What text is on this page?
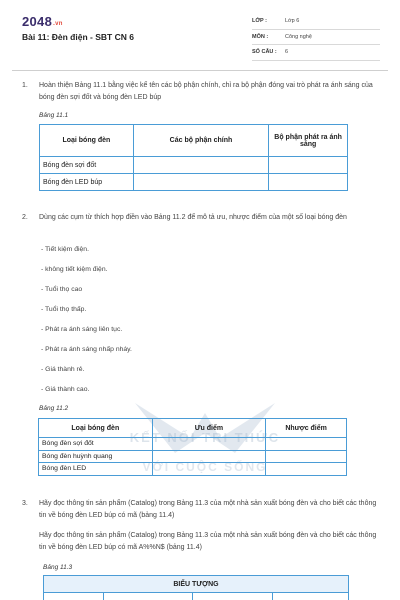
2048.vn
Bài 11: Đèn điện - SBT CN 6
LỚP :	Lớp 6
MÔN :	Công nghệ
SỐ CÂU :	6
KẾT NỐI TRI THỨC
VỚI CUỘC SỐNG
1. Hoàn thiện Bảng 11.1 bằng việc kể tên các bộ phận chính, chỉ ra bộ phận đóng vai trò phát ra ánh sáng của bóng đèn sợi đốt và bóng đèn LED búp
Bảng 11.1
Loại bóng đèn	Các bộ phận chính	Bộ phận phát ra ánh sáng
Bóng đèn sợi đốt		
Bóng đèn LED búp		
2. Dùng các cụm từ thích hợp điền vào Bảng 11.2 để mô tả ưu, nhược điểm của một số loại bóng đèn
- Tiết kiệm điện.
- không tiết kiệm điện.
- Tuổi thọ cao
- Tuổi thọ thấp.
- Phát ra ánh sáng liên tục.
- Phát ra ánh sáng nhấp nháy.
- Giá thành rẻ.
- Giá thành cao.
Bảng 11.2
Loại bóng đèn	Ưu điểm	Nhược điểm
Bóng đèn sợi đốt		
Bóng đèn huỳnh quang		
Bóng đèn LED		
3. Hãy đọc thông tin sản phẩm (Catalog) trong Bảng 11.3 của một nhà sản xuất bóng đèn và cho biết các thông tin về bóng đèn LED búp có mã (bảng 11.4)
Hãy đọc thông tin sản phẩm (Catalog) trong Bảng 11.3 của một nhà sản xuất bóng đèn và cho biết các thông tin về bóng đèn LED búp có mã A%%N$ (bảng 11.4)
Bảng 11.3
BIỂU TƯỢNG
